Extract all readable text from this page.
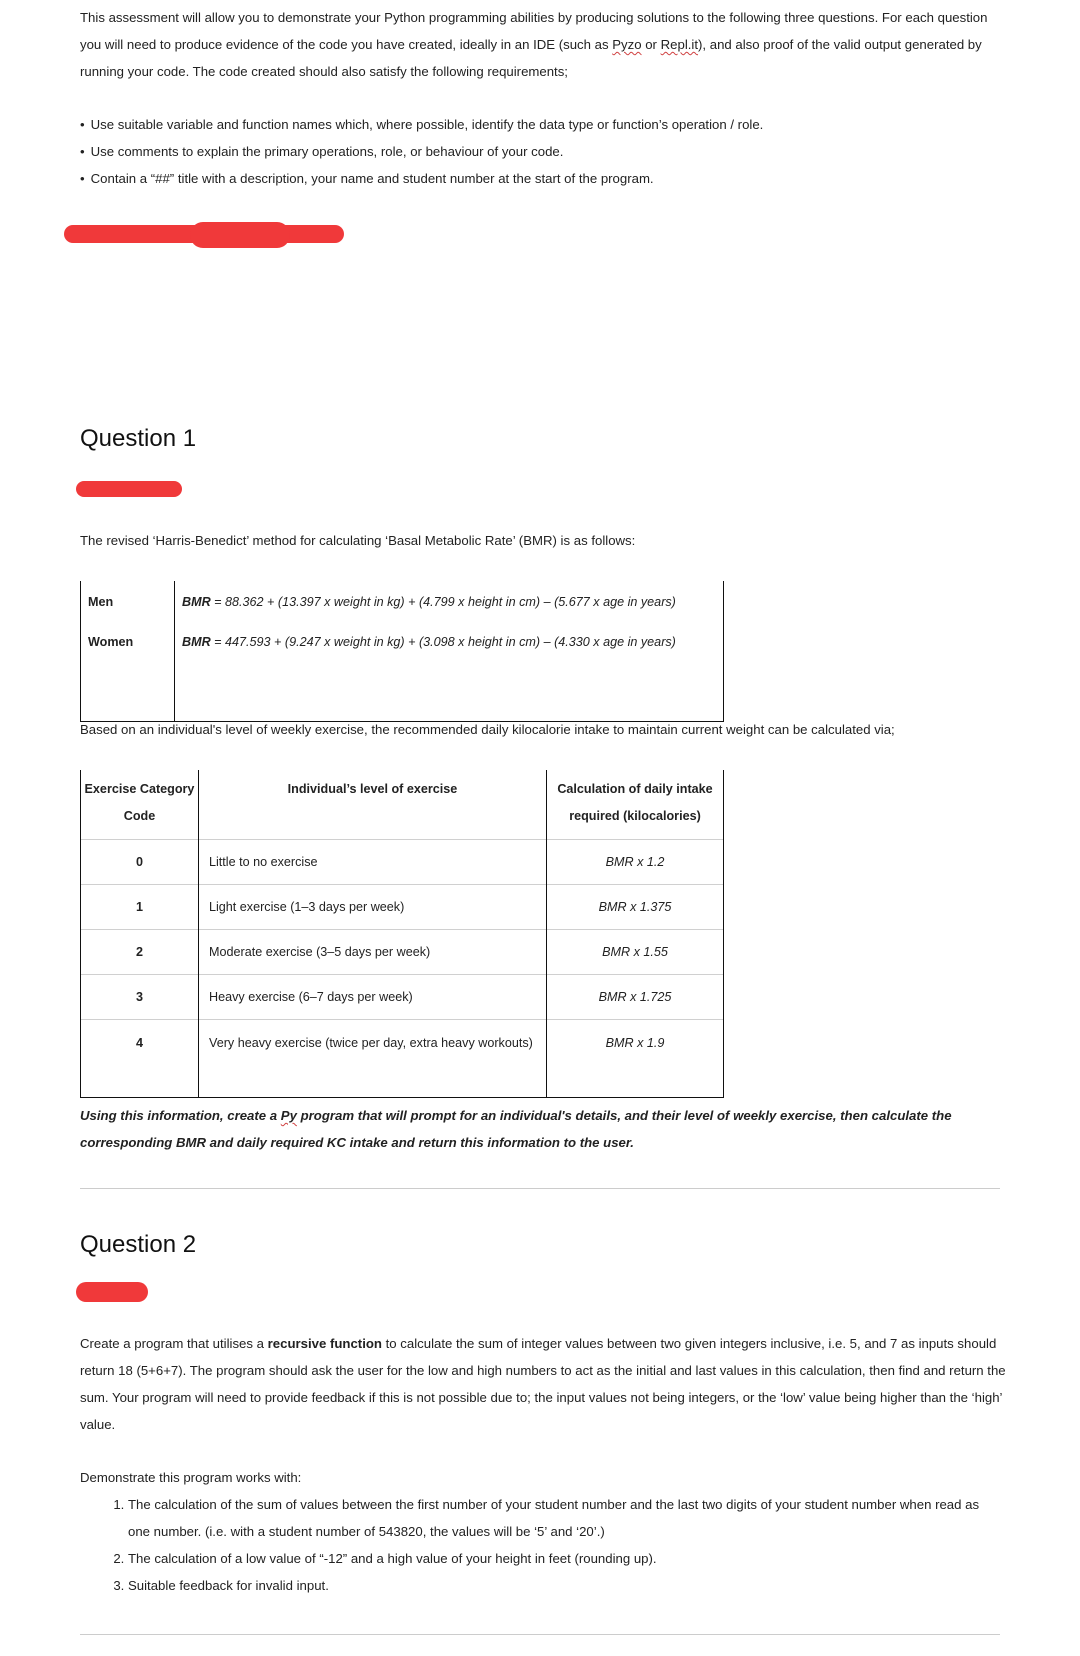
This assessment will allow you to demonstrate your Python programming abilities by producing solutions to the following three questions. For each question you will need to produce evidence of the code you have created, ideally in an IDE (such as Pyzo or Repl.it), and also proof of the valid output generated by running your code. The code created should also satisfy the following requirements;
• Use suitable variable and function names which, where possible, identify the data type or function’s operation / role.
• Use comments to explain the primary operations, role, or behaviour of your code.
• Contain a “##” title with a description, your name and student number at the start of the program.
Question 1
The revised ‘Harris-Benedict’ method for calculating ‘Basal Metabolic Rate’ (BMR) is as follows:
Men	BMR = 88.362 + (13.397 x weight in kg) + (4.799 x height in cm) – (5.677 x age in years)
Women	BMR = 447.593 + (9.247 x weight in kg) + (3.098 x height in cm) – (4.330 x age in years)
Based on an individual's level of weekly exercise, the recommended daily kilocalorie intake to maintain current weight can be calculated via;
Exercise Category Code	Individual’s level of exercise	Calculation of daily intake required (kilocalories)
0	Little to no exercise	BMR x 1.2
1	Light exercise (1–3 days per week)	BMR x 1.375
2	Moderate exercise (3–5 days per week)	BMR x 1.55
3	Heavy exercise (6–7 days per week)	BMR x 1.725
4	Very heavy exercise (twice per day, extra heavy workouts)	BMR x 1.9
Using this information, create a Py program that will prompt for an individual's details, and their level of weekly exercise, then calculate the corresponding BMR and daily required KC intake and return this information to the user.
Question 2
Create a program that utilises a recursive function to calculate the sum of integer values between two given integers inclusive, i.e. 5, and 7 as inputs should return 18 (5+6+7). The program should ask the user for the low and high numbers to act as the initial and last values in this calculation, then find and return the sum. Your program will need to provide feedback if this is not possible due to; the input values not being integers, or the ‘low’ value being higher than the ‘high’ value.
Demonstrate this program works with:
1. The calculation of the sum of values between the first number of your student number and the last two digits of your student number when read as one number. (i.e. with a student number of 543820, the values will be ‘5’ and ‘20’.)
2. The calculation of a low value of “-12” and a high value of your height in feet (rounding up).
3. Suitable feedback for invalid input.
